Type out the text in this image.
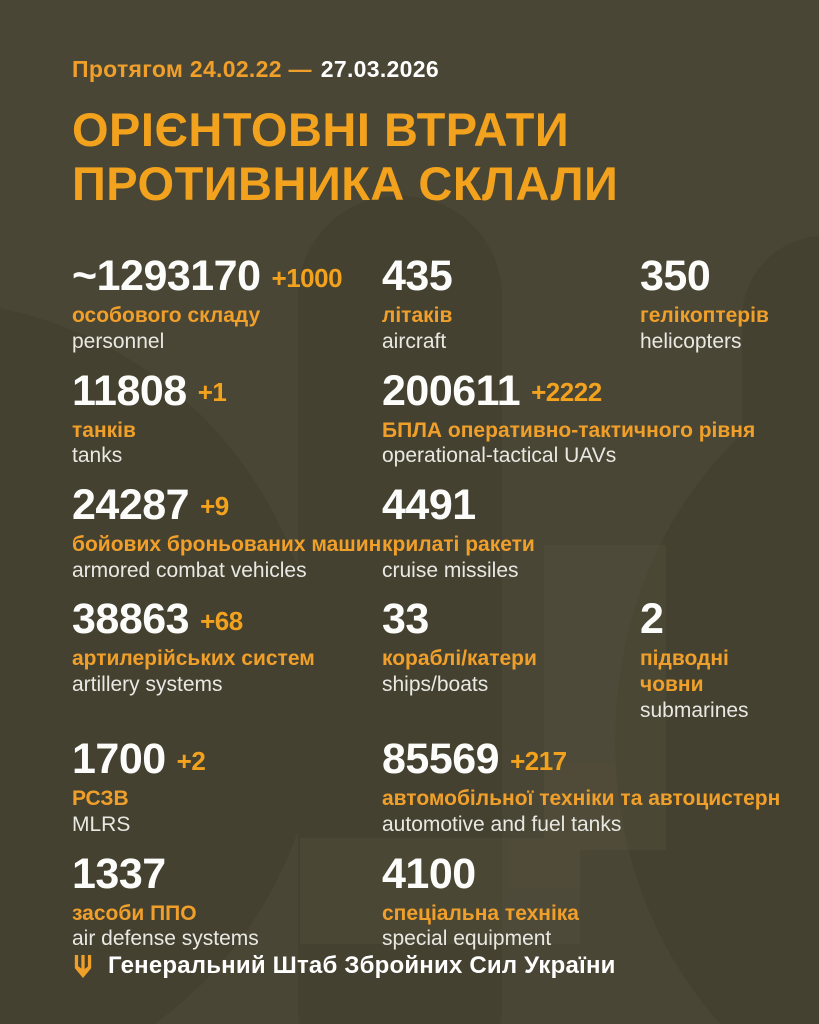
Протягом 24.02.22 — 27.03.2026
ОРІЄНТОВНІ ВТРАТИ
ПРОТИВНИКА СКЛАЛИ
~1293170 +1000
особового складу
personnel
435
літаків
aircraft
350
гелікоптерів
helicopters
11808 +1
танків
tanks
200611 +2222
БПЛА оперативно-тактичного рівня
operational-tactical UAVs
24287 +9
бойових броньованих машин
armored combat vehicles
4491
крилаті ракети
cruise missiles
38863 +68
артилерійських систем
artillery systems
33
кораблі/катери
ships/boats
2
підводні човни
submarines
1700 +2
РСЗВ
MLRS
85569 +217
автомобільної техніки та автоцистерн
automotive and fuel tanks
1337
засоби ППО
air defense systems
4100
спеціальна техніка
special equipment
Генеральний Штаб Збройних Сил України
